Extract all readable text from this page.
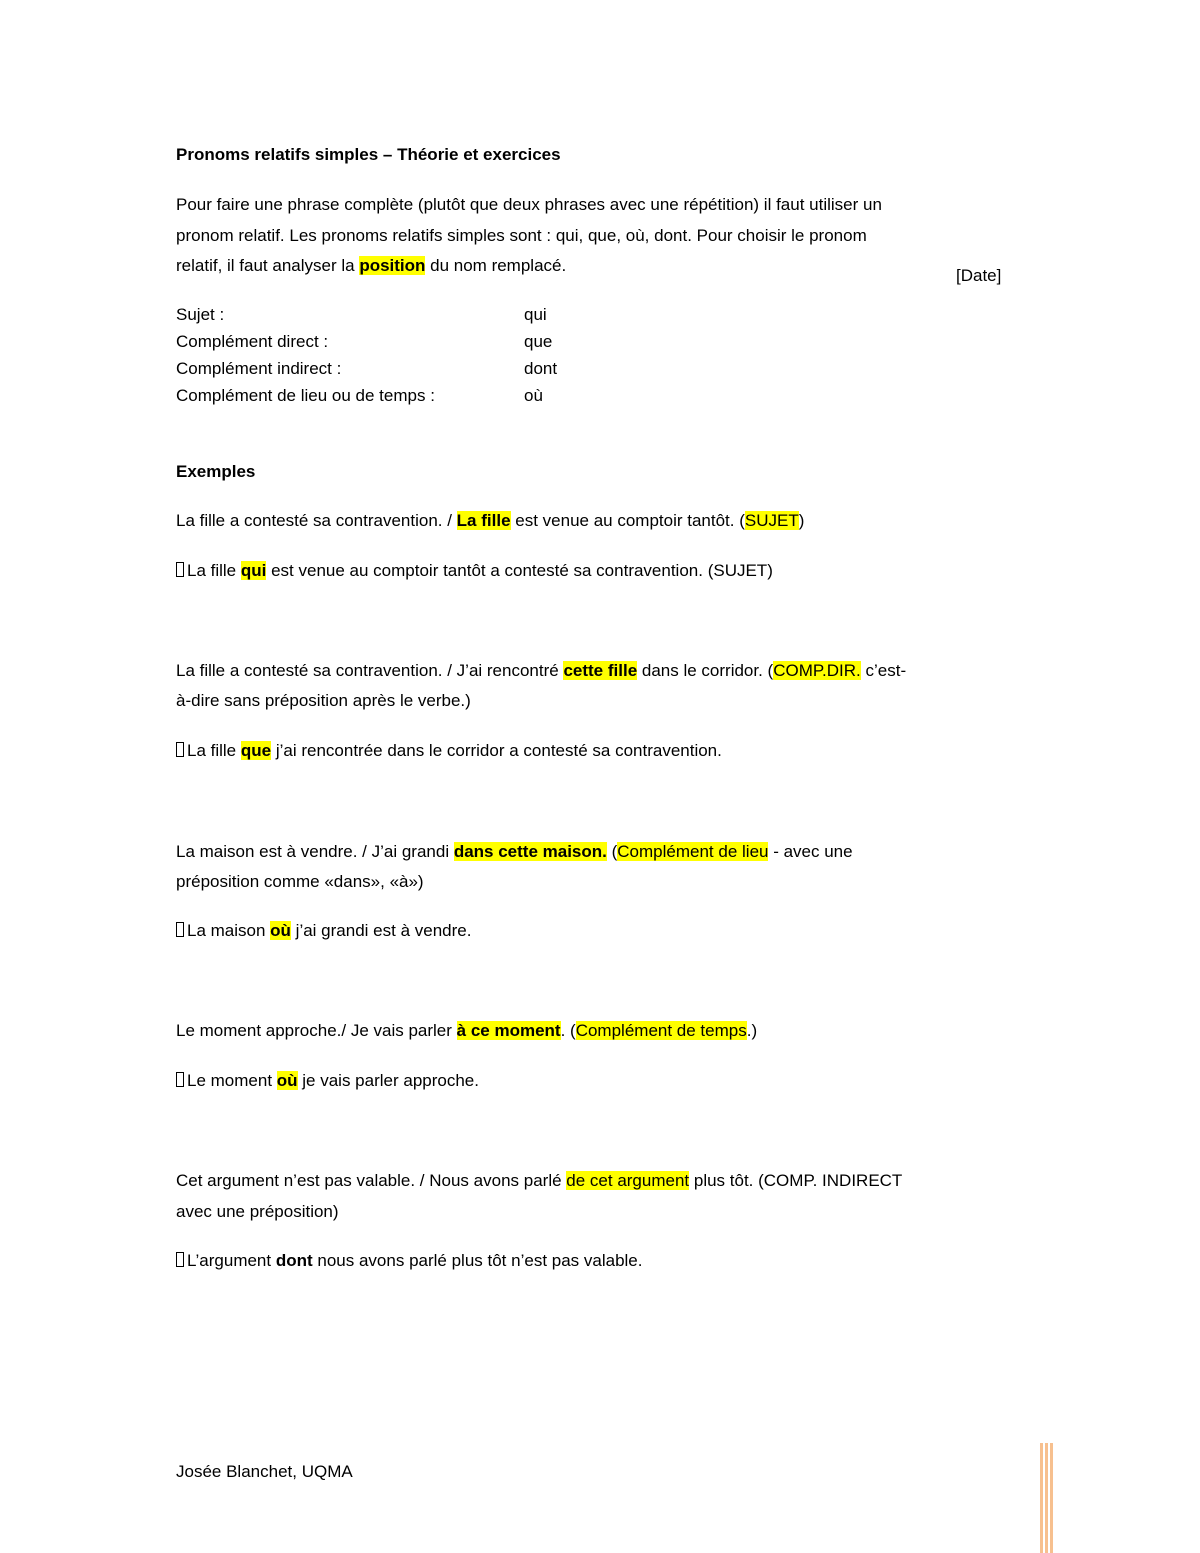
Pronoms relatifs simples – Théorie et exercices

Pour faire une phrase complète (plutôt que deux phrases avec une répétition) il faut utiliser un

pronom relatif. Les pronoms relatifs simples sont : qui, que, où, dont. Pour choisir le pronom

relatif, il faut analyser la position du nom remplacé.

[Date]

Sujet :	qui

Complément direct :	que

Complément indirect :	dont

Complément de lieu ou de temps :	où

Exemples

La fille a contesté sa contravention. / La fille est venue au comptoir tantôt. (SUJET)

La fille qui est venue au comptoir tantôt a contesté sa contravention. (SUJET)

La fille a contesté sa contravention. / J’ai rencontré cette fille dans le corridor. (COMP.DIR. c’est-

à-dire sans préposition après le verbe.)

La fille que j’ai rencontrée dans le corridor a contesté sa contravention.

La maison est à vendre. / J’ai grandi dans cette maison. (Complément de lieu - avec une

préposition comme «dans», «à»)

La maison où j’ai grandi est à vendre.

Le moment approche./ Je vais parler à ce moment. (Complément de temps.)

Le moment où je vais parler approche.

Cet argument n’est pas valable. / Nous avons parlé de cet argument plus tôt. (COMP. INDIRECT

avec une préposition)

L’argument dont nous avons parlé plus tôt n’est pas valable.

Josée Blanchet, UQMA
